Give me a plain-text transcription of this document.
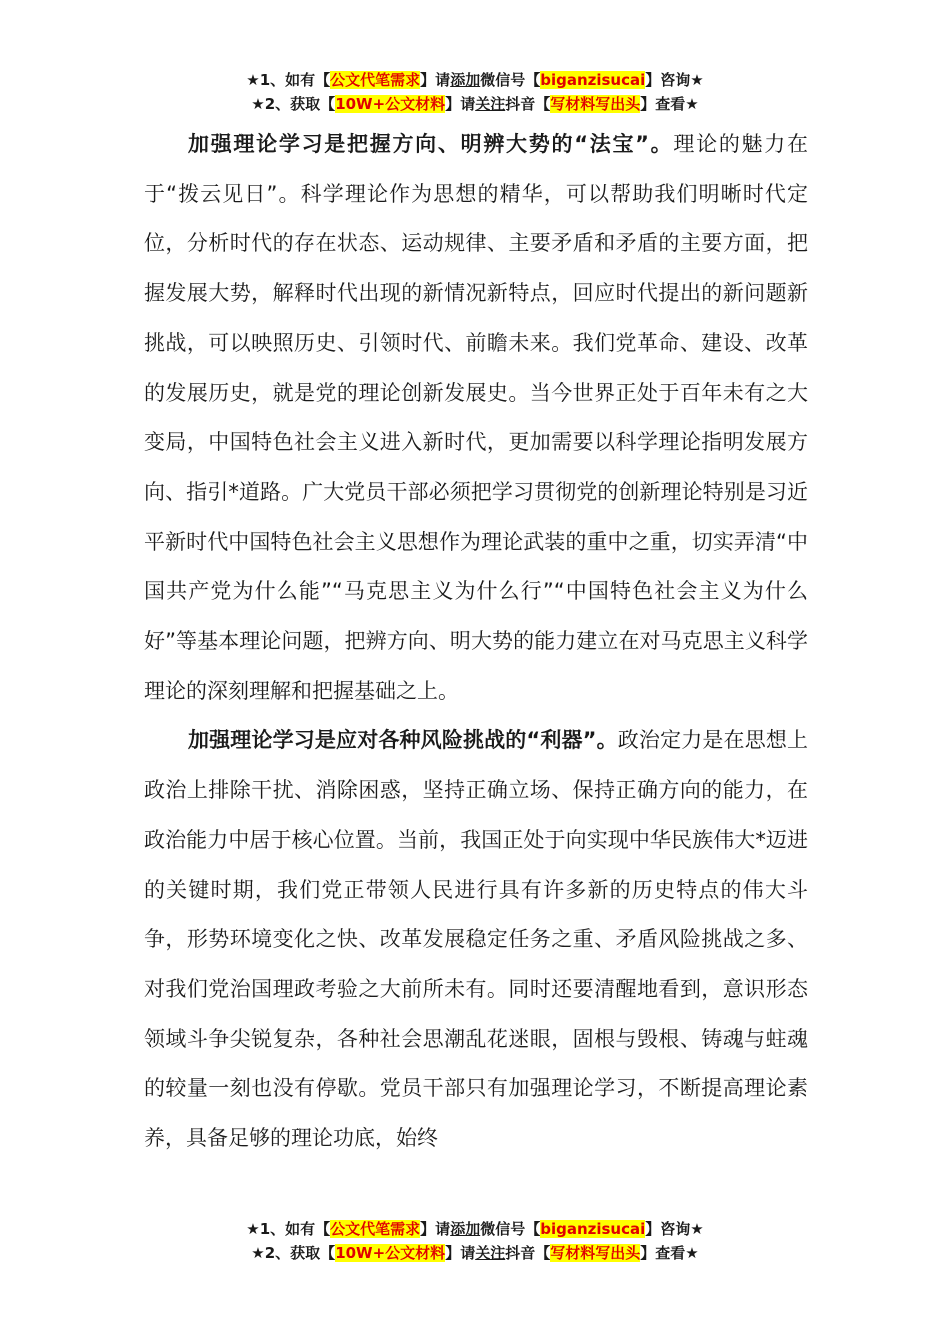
★1、如有【公文代笔需求】请添加微信号【biganzisucai】咨询★
★2、获取【10W+公文材料】请关注抖音【写材料写出头】查看★

加强理论学习是把握方向、明辨大势的“法宝”。理论的魅力在于“拨云见日”。科学理论作为思想的精华，可以帮助我们明晰时代定位，分析时代的存在状态、运动规律、主要矛盾和矛盾的主要方面，把握发展大势，解释时代出现的新情况新特点，回应时代提出的新问题新挑战，可以映照历史、引领时代、前瞻未来。我们党革命、建设、改革的发展历史，就是党的理论创新发展史。当今世界正处于百年未有之大变局，中国特色社会主义进入新时代，更加需要以科学理论指明发展方向、指引*道路。广大党员干部必须把学习贯彻党的创新理论特别是习近平新时代中国特色社会主义思想作为理论武装的重中之重，切实弄清“中国共产党为什么能”“马克思主义为什么行”“中国特色社会主义为什么好”等基本理论问题，把辨方向、明大势的能力建立在对马克思主义科学理论的深刻理解和把握基础之上。

加强理论学习是应对各种风险挑战的“利器”。政治定力是在思想上政治上排除干扰、消除困惑，坚持正确立场、保持正确方向的能力，在政治能力中居于核心位置。当前，我国正处于向实现中华民族伟大*迈进的关键时期，我们党正带领人民进行具有许多新的历史特点的伟大斗争，形势环境变化之快、改革发展稳定任务之重、矛盾风险挑战之多、对我们党治国理政考验之大前所未有。同时还要清醒地看到，意识形态领域斗争尖锐复杂，各种社会思潮乱花迷眼，固根与毁根、铸魂与蛀魂的较量一刻也没有停歇。党员干部只有加强理论学习，不断提高理论素养，具备足够的理论功底，始终

★1、如有【公文代笔需求】请添加微信号【biganzisucai】咨询★
★2、获取【10W+公文材料】请关注抖音【写材料写出头】查看★
